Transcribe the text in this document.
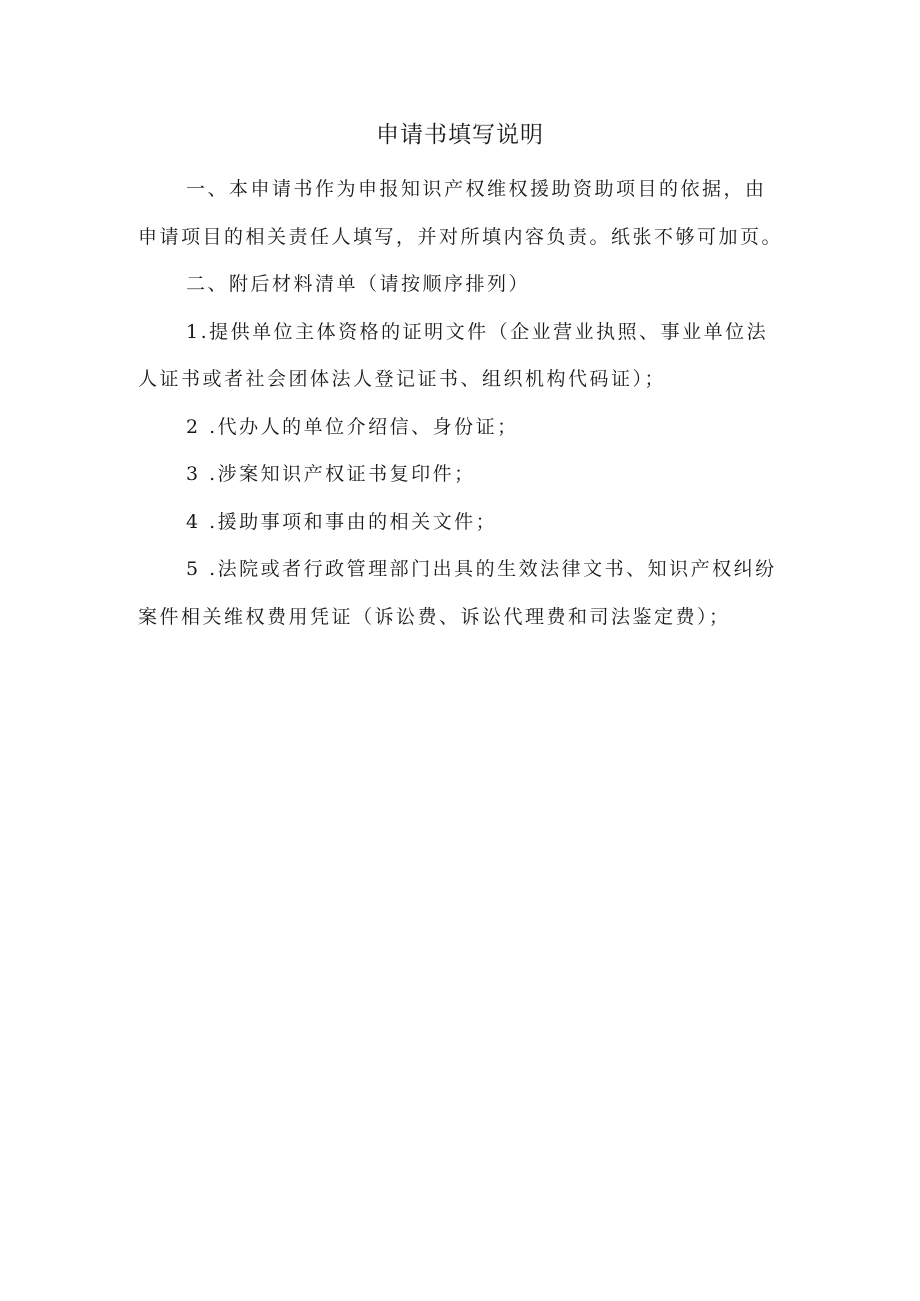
申请书填写说明
一、本申请书作为申报知识产权维权援助资助项目的依据，由
申请项目的相关责任人填写，并对所填内容负责。纸张不够可加页。
二、附后材料清单（请按顺序排列）
1.提供单位主体资格的证明文件（企业营业执照、事业单位法
人证书或者社会团体法人登记证书、组织机构代码证）；
2 .代办人的单位介绍信、身份证；
3 .涉案知识产权证书复印件；
4 .援助事项和事由的相关文件；
5 .法院或者行政管理部门出具的生效法律文书、知识产权纠纷
案件相关维权费用凭证（诉讼费、诉讼代理费和司法鉴定费）；
